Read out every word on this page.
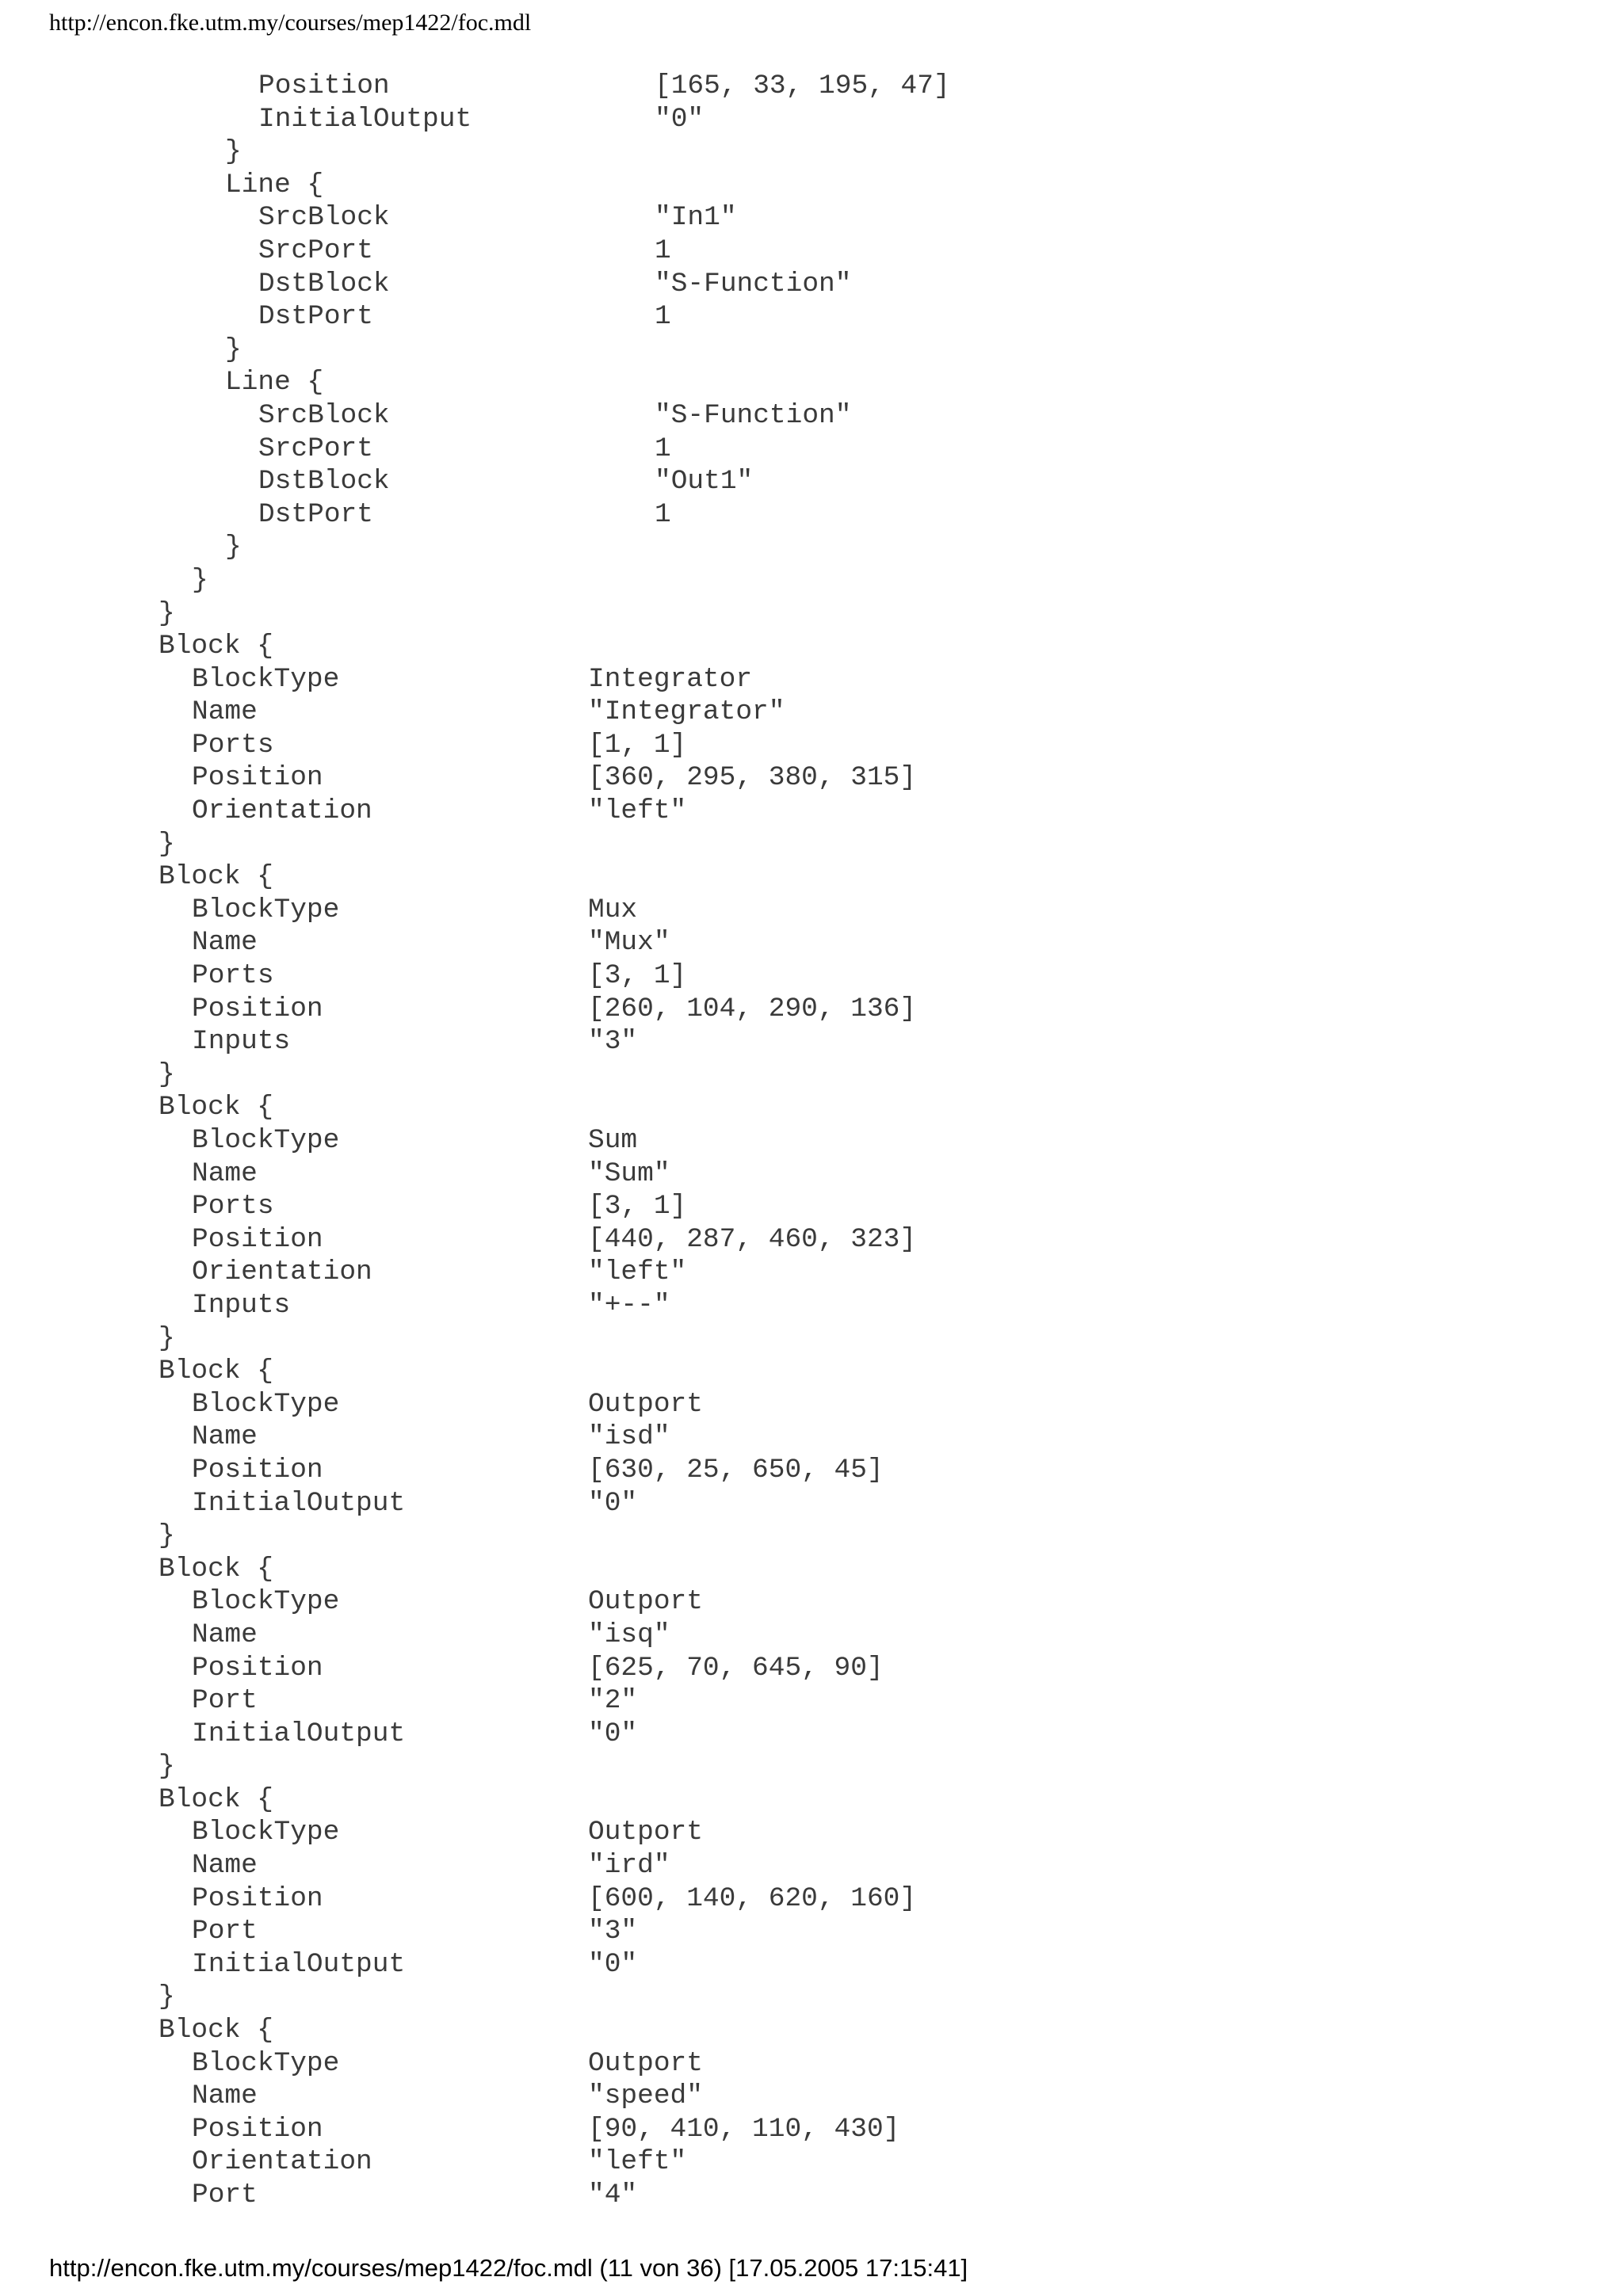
http://encon.fke.utm.my/courses/mep1422/foc.mdl
Position	[165, 33, 195, 47]
InitialOutput	"0"
}
Line {
SrcBlock	"In1"
SrcPort	1
DstBlock	"S-Function"
DstPort	1
}
Line {
SrcBlock	"S-Function"
SrcPort	1
DstBlock	"Out1"
DstPort	1
}
}
}
Block {
BlockType	Integrator
Name	"Integrator"
Ports	[1, 1]
Position	[360, 295, 380, 315]
Orientation	"left"
}
Block {
BlockType	Mux
Name	"Mux"
Ports	[3, 1]
Position	[260, 104, 290, 136]
Inputs	"3"
}
Block {
BlockType	Sum
Name	"Sum"
Ports	[3, 1]
Position	[440, 287, 460, 323]
Orientation	"left"
Inputs	"+--"
}
Block {
BlockType	Outport
Name	"isd"
Position	[630, 25, 650, 45]
InitialOutput	"0"
}
Block {
BlockType	Outport
Name	"isq"
Position	[625, 70, 645, 90]
Port	"2"
InitialOutput	"0"
}
Block {
BlockType	Outport
Name	"ird"
Position	[600, 140, 620, 160]
Port	"3"
InitialOutput	"0"
}
Block {
BlockType	Outport
Name	"speed"
Position	[90, 410, 110, 430]
Orientation	"left"
Port	"4"
http://encon.fke.utm.my/courses/mep1422/foc.mdl (11 von 36) [17.05.2005 17:15:41]
